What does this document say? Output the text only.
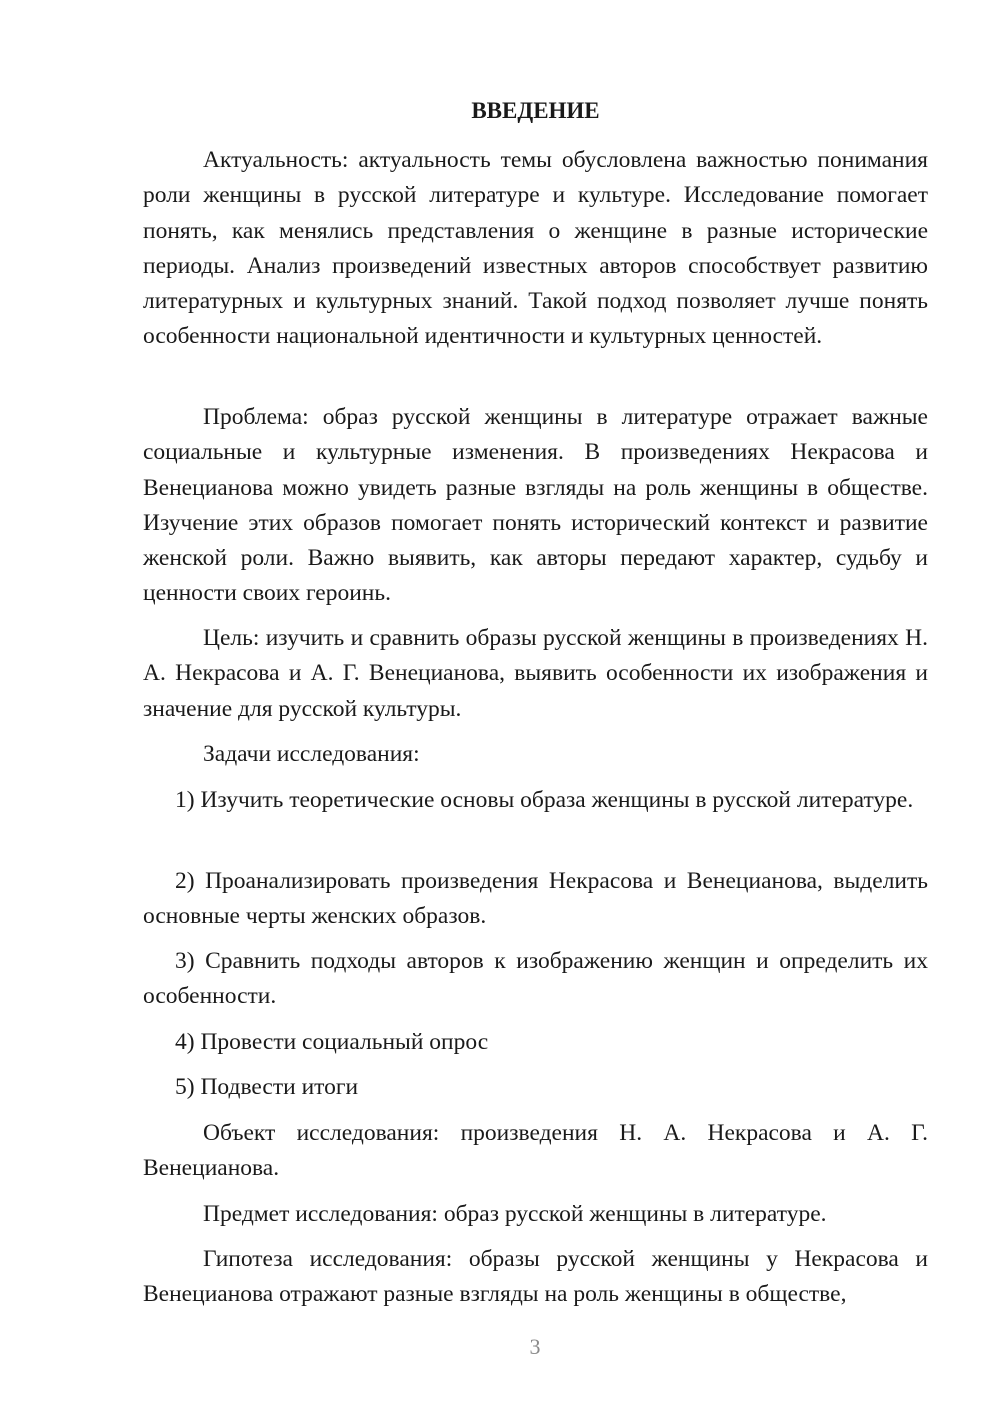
ВВЕДЕНИЕ

Актуальность: актуальность темы обусловлена важностью понимания роли женщины в русской литературе и культуре. Исследование помогает понять, как менялись представления о женщине в разные исторические периоды. Анализ произведений известных авторов способствует развитию литературных и культурных знаний. Такой подход позволяет лучше понять особенности национальной идентичности и культурных ценностей.

Проблема: образ русской женщины в литературе отражает важные социальные и культурные изменения. В произведениях Некрасова и Венецианова можно увидеть разные взгляды на роль женщины в обществе. Изучение этих образов помогает понять исторический контекст и развитие женской роли. Важно выявить, как авторы передают характер, судьбу и ценности своих героинь.

Цель: изучить и сравнить образы русской женщины в произведениях Н. А. Некрасова и А. Г. Венецианова, выявить особенности их изображения и значение для русской культуры.

Задачи исследования:

1) Изучить теоретические основы образа женщины в русской литературе.

2) Проанализировать произведения Некрасова и Венецианова, выделить основные черты женских образов.

3) Сравнить подходы авторов к изображению женщин и определить их особенности.

4) Провести социальный опрос

5) Подвести итоги

Объект исследования: произведения Н. А. Некрасова и А. Г. Венецианова.

Предмет исследования: образ русской женщины в литературе.

Гипотеза исследования: образы русской женщины у Некрасова и Венецианова отражают разные взгляды на роль женщины в обществе,

3
